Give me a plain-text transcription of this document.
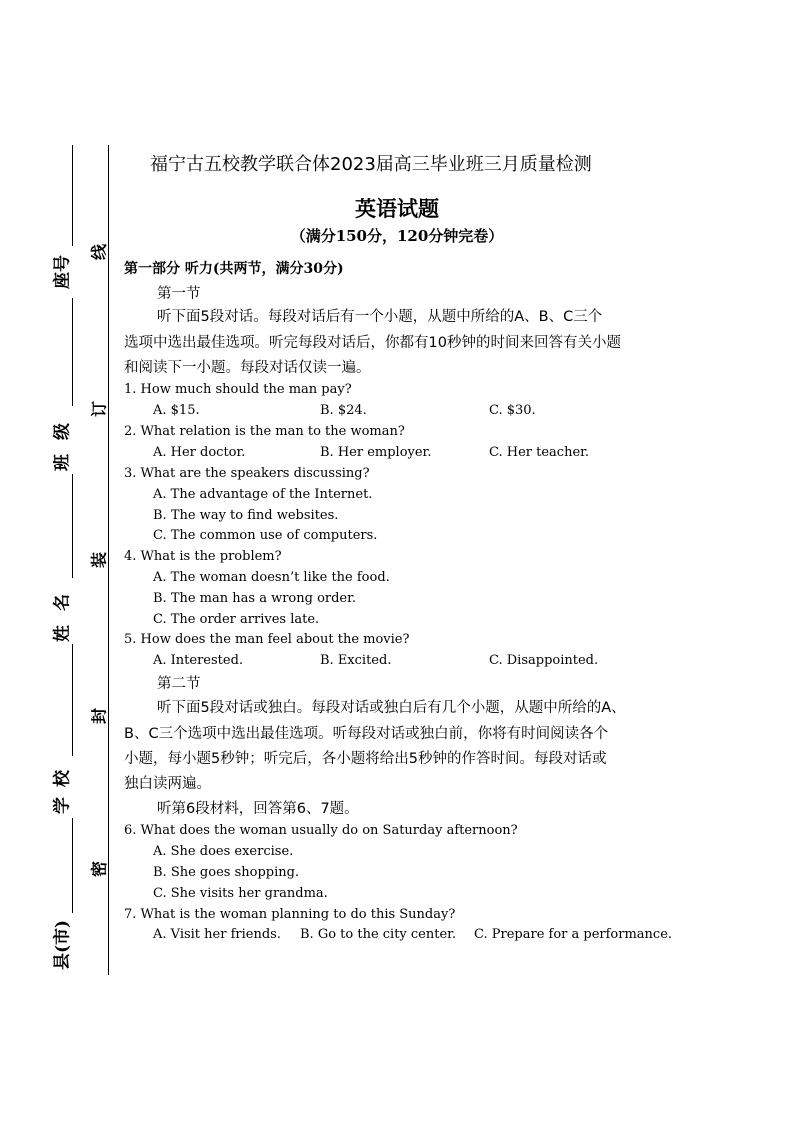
座号
班级
姓名
学校
县(市)
线
订
装
封
密
福宁古五校教学联合体2023届高三毕业班三月质量检测
英语试题
（满分150分，120分钟完卷）
第一部分 听力(共两节，满分30分)
第一节
听下面5段对话。每段对话后有一个小题，从题中所给的A、B、C三个
选项中选出最佳选项。听完每段对话后，你都有10秒钟的时间来回答有关小题
和阅读下一小题。每段对话仅读一遍。
1. How much should the man pay?
A. $15.	B. $24.	C. $30.
2. What relation is the man to the woman?
A. Her doctor.	B. Her employer.	C. Her teacher.
3. What are the speakers discussing?
A. The advantage of the Internet.
B. The way to find websites.
C. The common use of computers.
4. What is the problem?
A. The woman doesn’t like the food.
B. The man has a wrong order.
C. The order arrives late.
5. How does the man feel about the movie?
A. Interested.	B. Excited.	C. Disappointed.
第二节
听下面5段对话或独白。每段对话或独白后有几个小题，从题中所给的A、
B、C三个选项中选出最佳选项。听每段对话或独白前，你将有时间阅读各个
小题，每小题5秒钟；听完后，各小题将给出5秒钟的作答时间。每段对话或
独白读两遍。
听第6段材料，回答第6、7题。
6. What does the woman usually do on Saturday afternoon?
A. She does exercise.
B. She goes shopping.
C. She visits her grandma.
7. What is the woman planning to do this Sunday?
A. Visit her friends. B. Go to the city center. C. Prepare for a performance.
